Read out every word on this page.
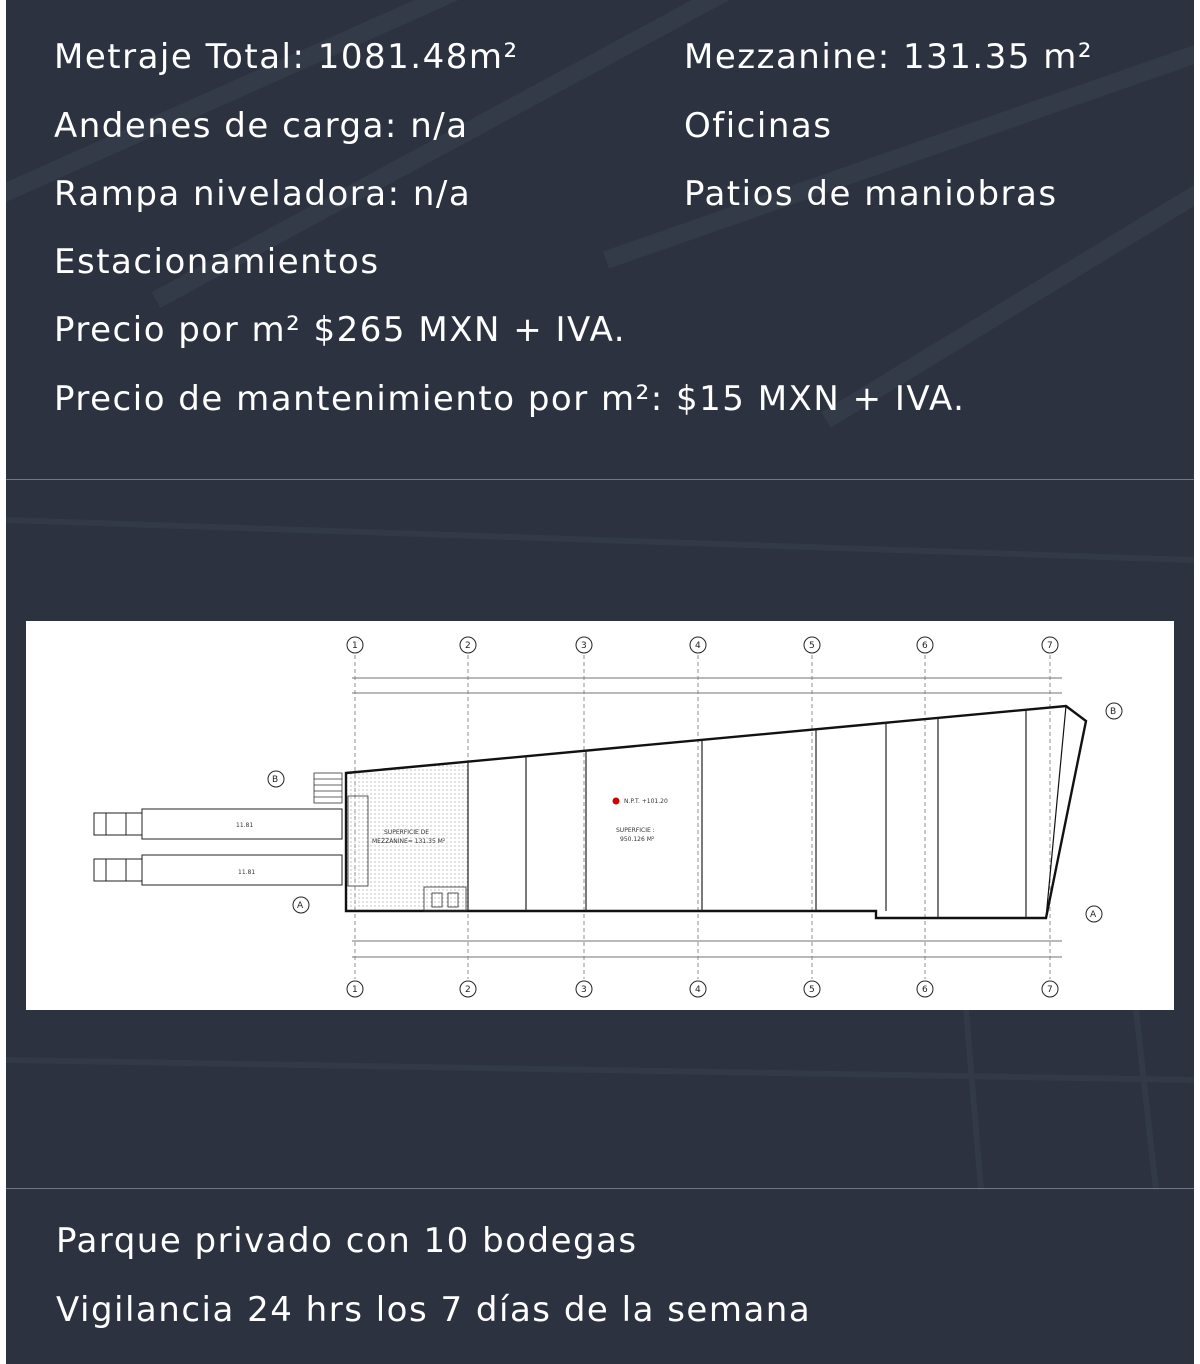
Metraje Total: 1081.48m²	Mezzanine: 131.35 m²
Andenes de carga: n/a	Oficinas
Rampa niveladora: n/a	Patios de maniobras
Estacionamientos
Precio por m² $265 MXN + IVA.
Precio de mantenimiento por m²: $15 MXN + IVA.
11.81
11.81
SUPERFICIE DE
MEZZANINE= 131.35 M²
SUPERFICIE :
950.126 M²
N.P.T. +101.20
1	2	3	4	5	6	7
1	2	3	4	5	6	7
B
A
B
A
Parque privado con 10 bodegas
Vigilancia 24 hrs los 7 días de la semana
